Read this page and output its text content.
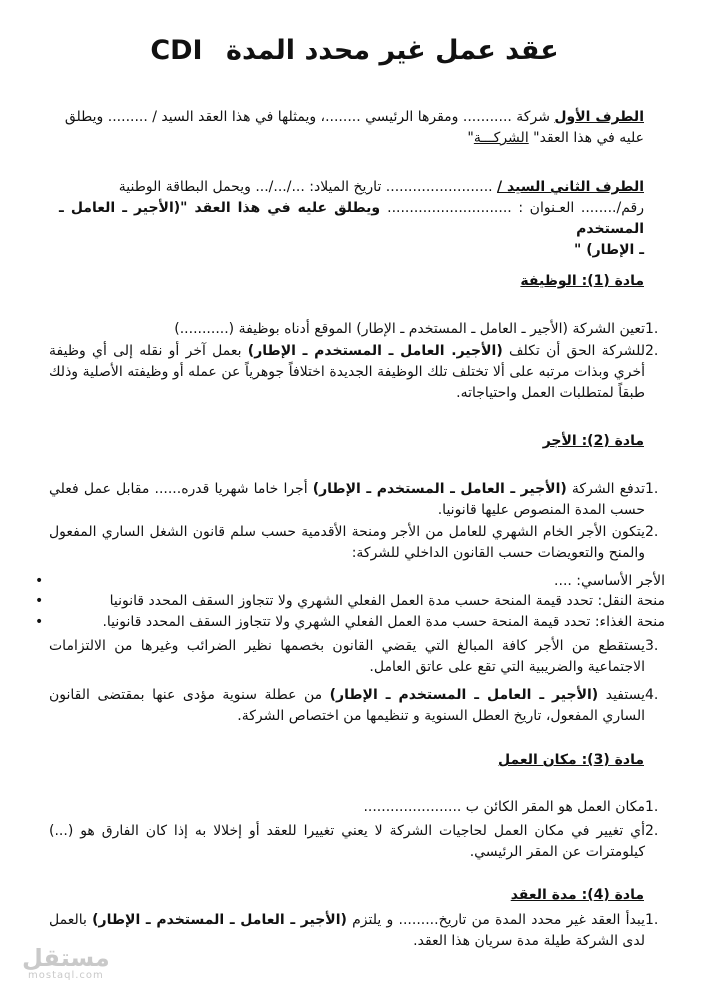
CDI عقد عمل غير محدد المدة
الطرف الأول شركة ........... ومقرها الرئيسي ........، ويمثلها في هذا العقد السيد / ......... ويطلق
عليه في هذا العقد" الشركـــة"
الطرف الثاني السيد / ........................ تاريخ الميلاد: .../.../... ويحمل البطاقة الوطنية
رقم/........ العـنوان : ............................ ويطلق عليه في هذا العقد "(الأجير ـ العامل ـ المستخدم
ـ الإطار) "
مادة (1): الوظيفة
1.
تعين الشركة (الأجير ـ العامل ـ المستخدم ـ الإطار) الموقع أدناه بوظيفة (...........)
2.
للشركة الحق أن تكلف (الأجير. العامل ـ المستخدم ـ الإطار) بعمل آخر أو نقله إلى أي وظيفة أخري وبذات مرتبه على ألا تختلف تلك الوظيفة الجديدة اختلافاً جوهرياً عن عمله أو وظيفته الأصلية وذلك طبقاً لمتطلبات العمل واحتياجاته.
مادة (2): الأجر
1.
تدفع الشركة (الأجير ـ العامل ـ المستخدم ـ الإطار) أجرا خاما شهريا قدره...... مقابل عمل فعلي حسب المدة المنصوص عليها قانونيا.
2.
يتكون الأجر الخام الشهري للعامل من الأجر ومنحة الأقدمية حسب سلم قانون الشغل الساري المفعول والمنح والتعويضات حسب القانون الداخلي للشركة:
الأجر الأساسي: ....
•
منحة النقل: تحدد قيمة المنحة حسب مدة العمل الفعلي الشهري ولا تتجاوز السقف المحدد قانونيا
•
منحة الغذاء: تحدد قيمة المنحة حسب مدة العمل الفعلي الشهري ولا تتجاوز السقف المحدد قانونيا.
•
3.
يستقطع من الأجر كافة المبالغ التي يقضي القانون بخصمها نظير الضرائب وغيرها من الالتزامات الاجتماعية والضريبية التي تقع على عاتق العامل.
4.
يستفيد (الأجير ـ العامل ـ المستخدم ـ الإطار) من عطلة سنوية مؤدى عنها بمقتضى القانون الساري المفعول، تاريخ العطل السنوية و تنظيمها من اختصاص الشركة.
مادة (3): مكان العمل
1.
مكان العمل هو المقر الكائن ب ......................
2.
أي تغيير في مكان العمل لحاجيات الشركة لا يعني تغييرا للعقد أو إخلالا به إذا كان الفارق هو (...) كيلومترات عن المقر الرئيسي.
مادة (4): مدة العقد
1.
يبدأ العقد غير محدد المدة من تاريخ......... و يلتزم (الأجير ـ العامل ـ المستخدم ـ الإطار) بالعمل لدى الشركة طيلة مدة سريان هذا العقد.
مستقل
mostaql.com
